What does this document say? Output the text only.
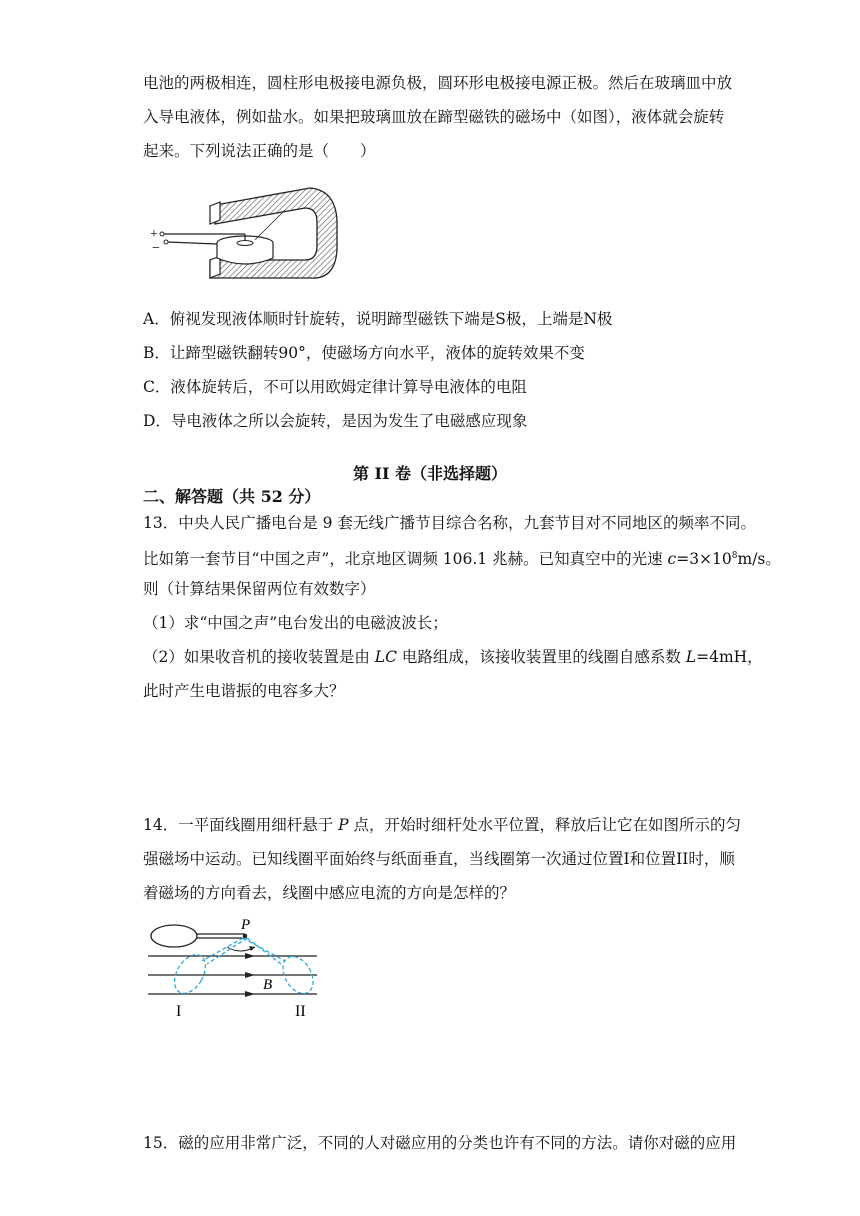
电池的两极相连，圆柱形电极接电源负极，圆环形电极接电源正极。然后在玻璃皿中放
入导电液体，例如盐水。如果把玻璃皿放在蹄型磁铁的磁场中（如图），液体就会旋转
起来。下列说法正确的是（　　）
+
−
A．俯视发现液体顺时针旋转，说明蹄型磁铁下端是S极，上端是N极
B．让蹄型磁铁翻转90°，使磁场方向水平，液体的旋转效果不变
C．液体旋转后，不可以用欧姆定律计算导电液体的电阻
D．导电液体之所以会旋转，是因为发生了电磁感应现象
第 II 卷（非选择题）
二、解答题（共 52 分）
13．中央人民广播电台是 9 套无线广播节目综合名称，九套节目对不同地区的频率不同。
比如第一套节目“中国之声”，北京地区调频 106.1 兆赫。已知真空中的光速 $c=3\times 10^8m/s$。
则（计算结果保留两位有效数字）
（1）求“中国之声”电台发出的电磁波波长；
（2）如果收音机的接收装置是由 LC 电路组成，该接收装置里的线圈自感系数 L=4mH，
此时产生电谐振的电容多大？
14．一平面线圈用细杆悬于 P 点，开始时细杆处水平位置，释放后让它在如图所示的匀
强磁场中运动。已知线圈平面始终与纸面垂直，当线圈第一次通过位置I和位置II时，顺
着磁场的方向看去，线圈中感应电流的方向是怎样的？
P
B
I	II
15．磁的应用非常广泛，不同的人对磁应用的分类也许有不同的方法。请你对磁的应用
